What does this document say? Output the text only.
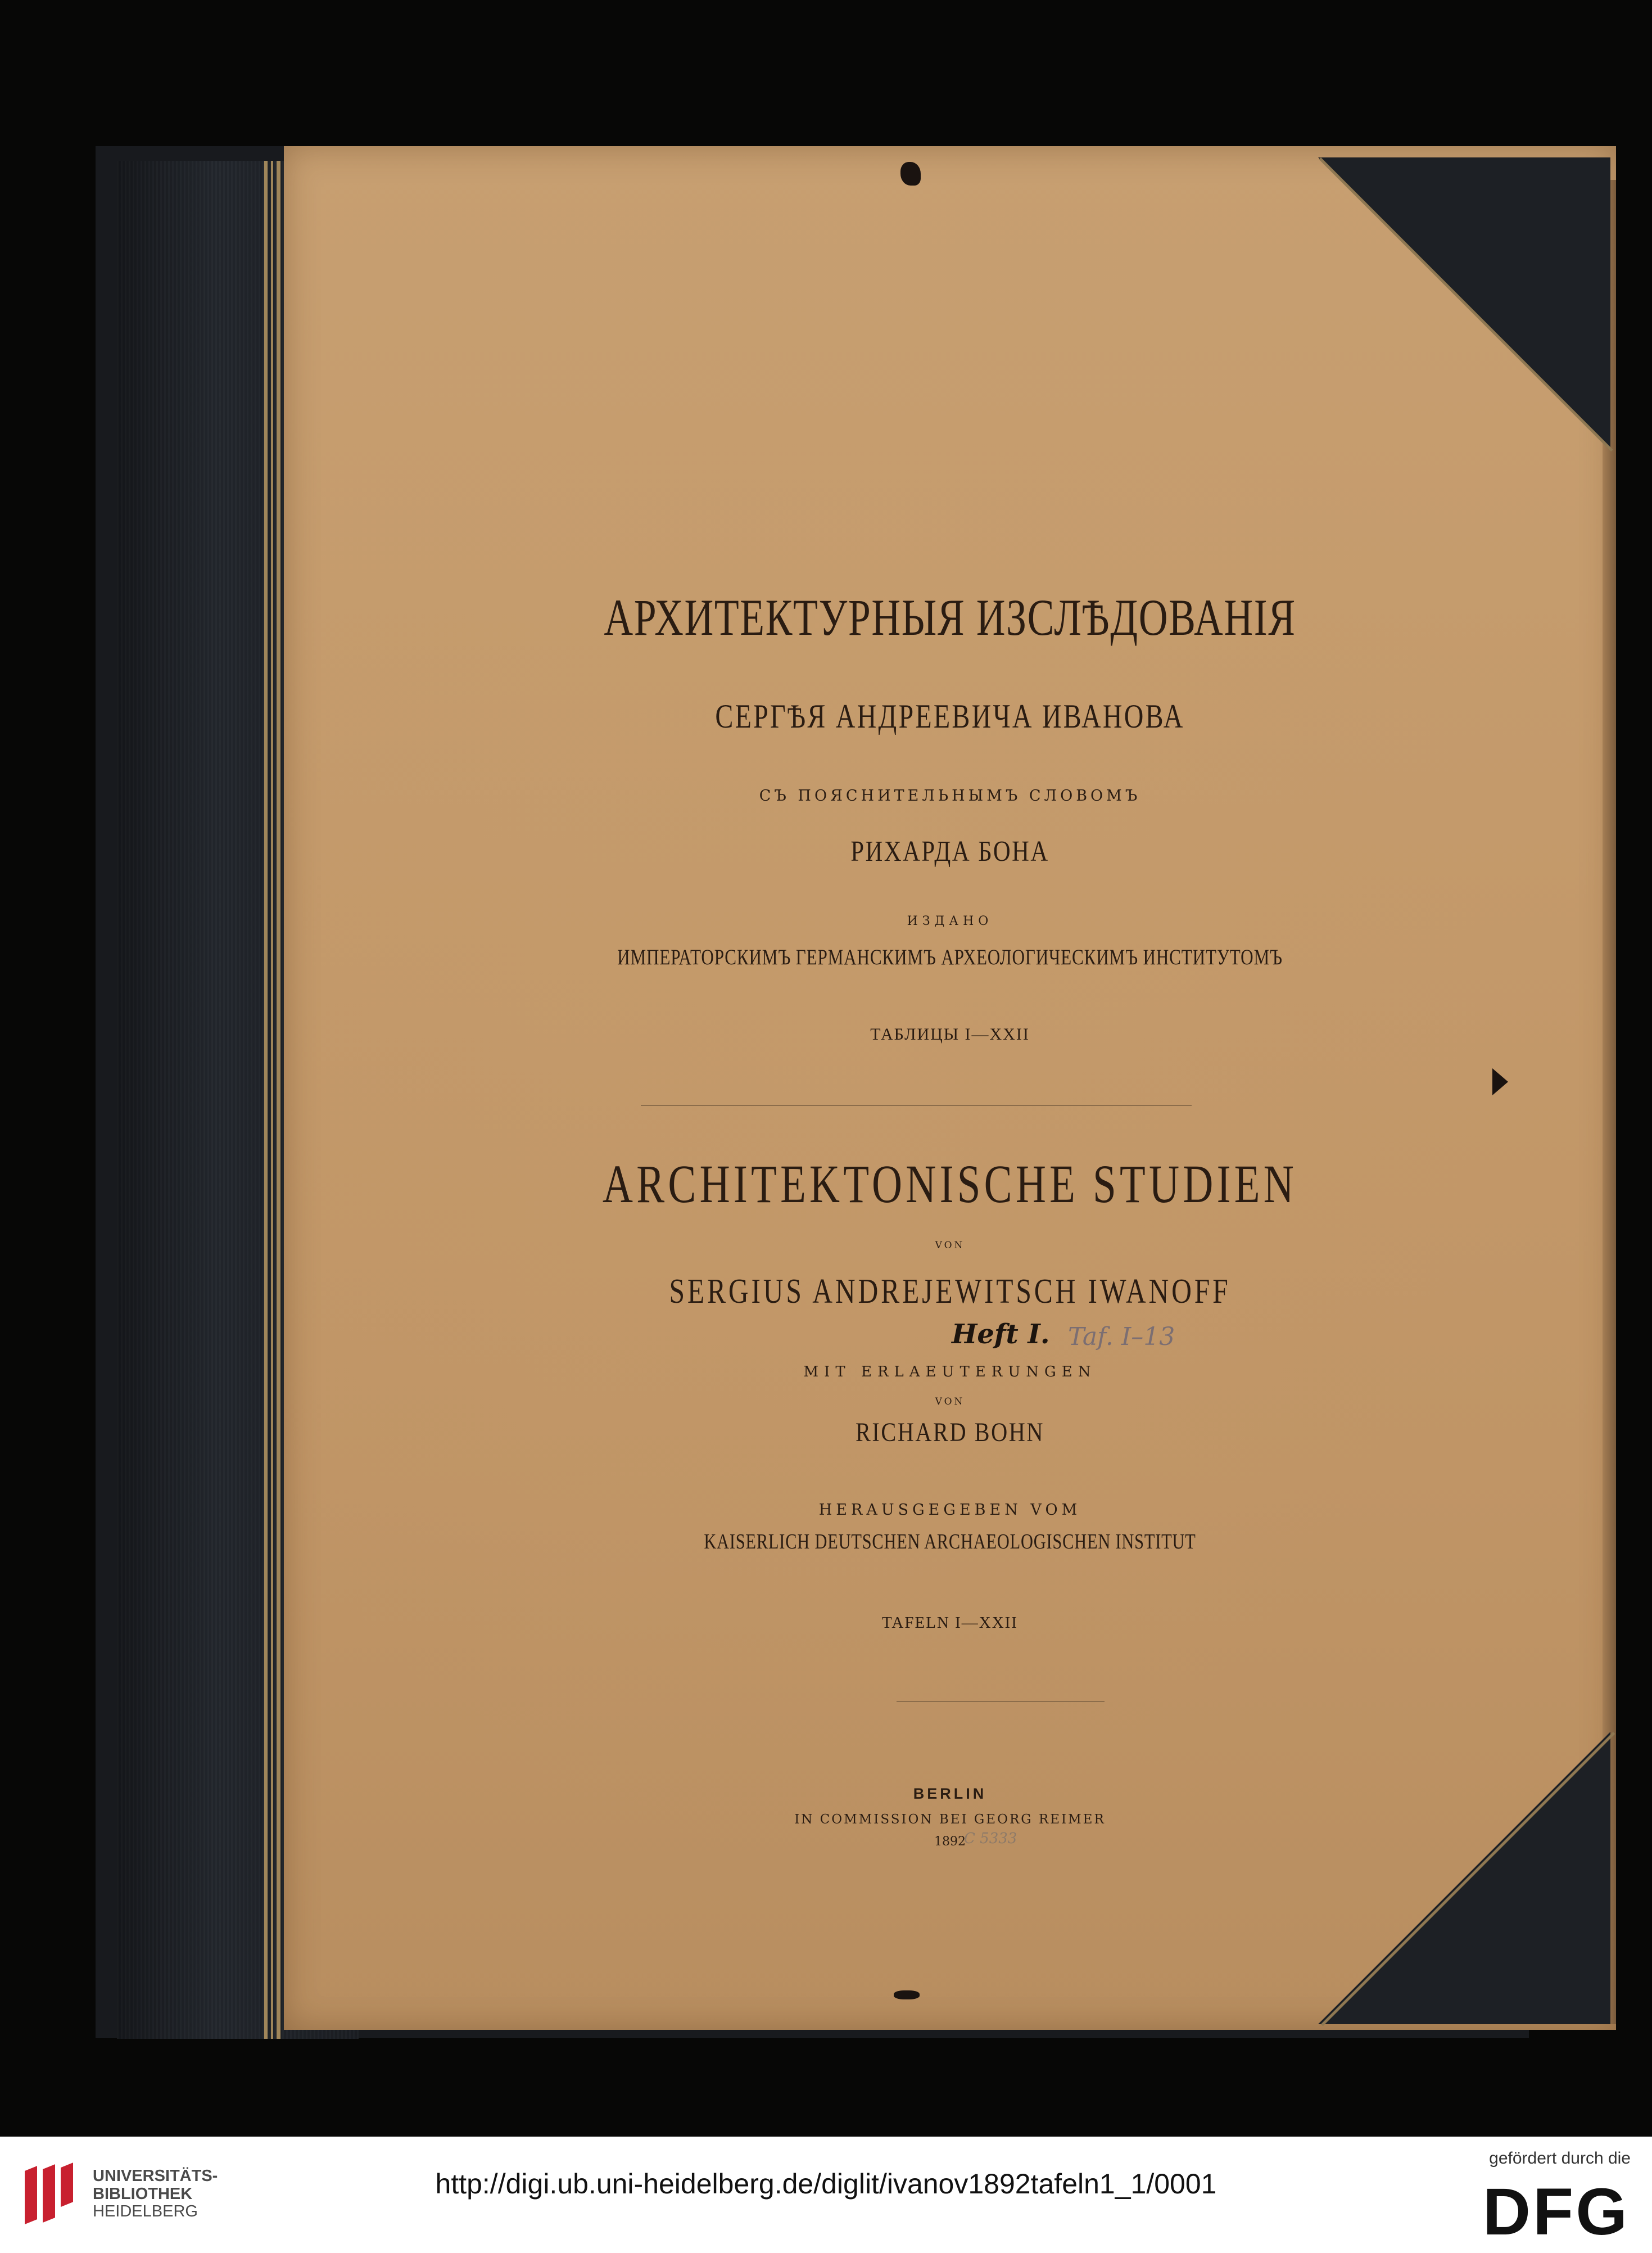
АРХИТЕКТУРНЫЯ ИЗСЛѢДОВАНІЯ

СЕРГѢЯ АНДРЕЕВИЧА ИВАНОВА

СЪ ПОЯСНИТЕЛЬНЫМЪ СЛОВОМЪ

РИХАРДА БОНА

ИЗДАНО

ИМПЕРАТОРСКИМЪ ГЕРМАНСКИМЪ АРХЕОЛОГИЧЕСКИМЪ ИНСТИТУТОМЪ

ТАБЛИЦЫ I—XXII

ARCHITEKTONISCHE STUDIEN

VON

SERGIUS ANDREJEWITSCH IWANOFF

MIT ERLAEUTERUNGEN

VON

RICHARD BOHN

HERAUSGEGEBEN VOM

KAISERLICH DEUTSCHEN ARCHAEOLOGISCHEN INSTITUT

TAFELN I—XXII

Heft I. Taf. I–13

BERLIN

IN COMMISSION BEI GEORG REIMER

1892

C 5333
UNIVERSITÄTS-
BIBLIOTHEK
HEIDELBERG
http://digi.ub.uni-heidelberg.de/diglit/ivanov1892tafeln1_1/0001
gefördert durch die
DFG
